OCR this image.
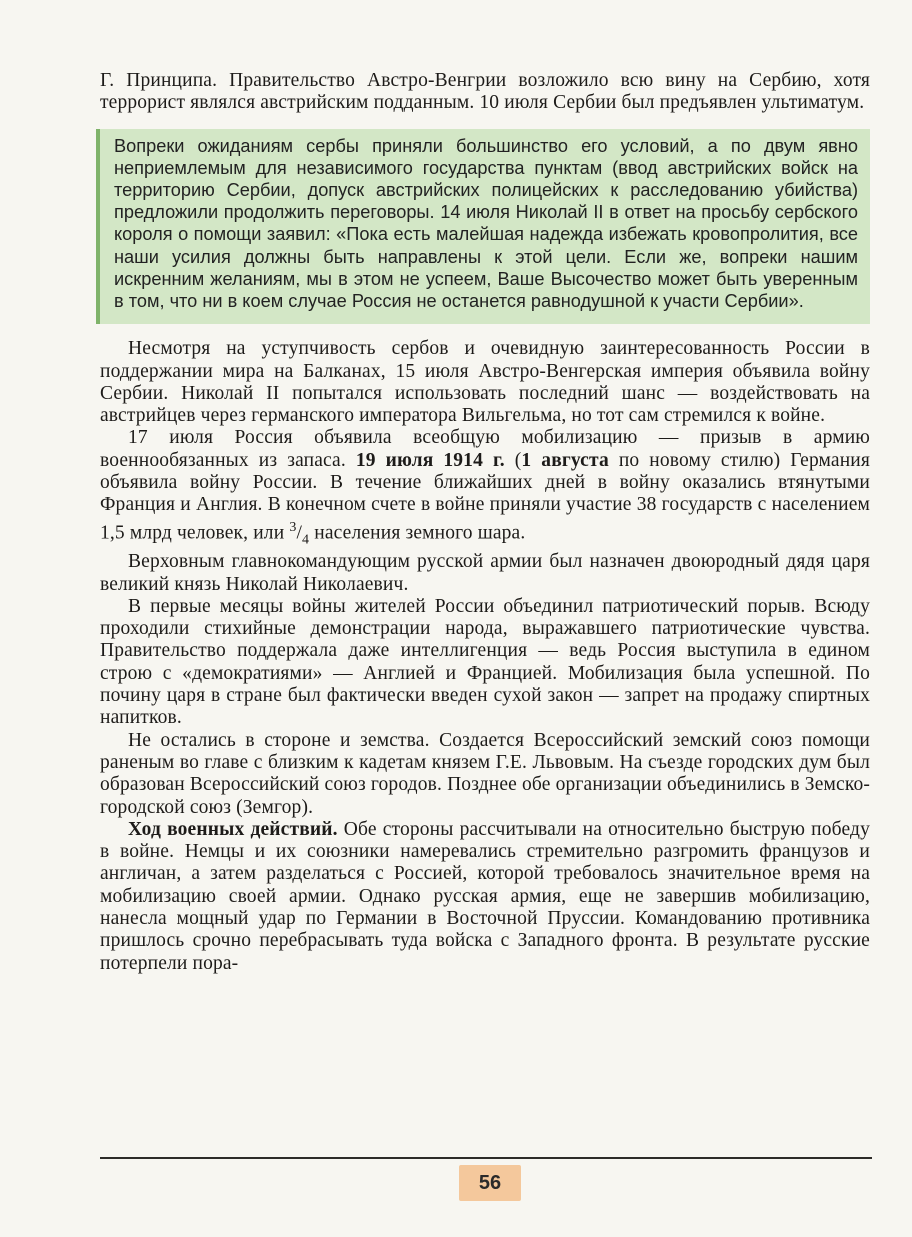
Г. Принципа. Правительство Австро-Венгрии возложило всю вину на Сербию, хотя террорист являлся австрийским подданным. 10 июля Сербии был предъявлен ультиматум.

Вопреки ожиданиям сербы приняли большинство его условий, а по двум явно неприемлемым для независимого государства пунктам (ввод австрийских войск на территорию Сербии, допуск австрийских полицейских к расследованию убийства) предложили продолжить переговоры. 14 июля Николай II в ответ на просьбу сербского короля о помощи заявил: «Пока есть малейшая надежда избежать кровопролития, все наши усилия должны быть направлены к этой цели. Если же, вопреки нашим искренним желаниям, мы в этом не успеем, Ваше Высочество может быть уверенным в том, что ни в коем случае Россия не останется равнодушной к участи Сербии».

Несмотря на уступчивость сербов и очевидную заинтересованность России в поддержании мира на Балканах, 15 июля Австро-Венгерская империя объявила войну Сербии. Николай II попытался использовать последний шанс — воздействовать на австрийцев через германского императора Вильгельма, но тот сам стремился к войне.

17 июля Россия объявила всеобщую мобилизацию — призыв в армию военнообязанных из запаса. 19 июля 1914 г. (1 августа по новому стилю) Германия объявила войну России. В течение ближайших дней в войну оказались втянутыми Франция и Англия. В конечном счете в войне приняли участие 38 государств с населением 1,5 млрд человек, или $^3/_4$ населения земного шара.

Верховным главнокомандующим русской армии был назначен двоюродный дядя царя великий князь Николай Николаевич.

В первые месяцы войны жителей России объединил патриотический порыв. Всюду проходили стихийные демонстрации народа, выражавшего патриотические чувства. Правительство поддержала даже интеллигенция — ведь Россия выступила в едином строю с «демократиями» — Англией и Францией. Мобилизация была успешной. По почину царя в стране был фактически введен сухой закон — запрет на продажу спиртных напитков.

Не остались в стороне и земства. Создается Всероссийский земский союз помощи раненым во главе с близким к кадетам князем Г.Е. Львовым. На съезде городских дум был образован Всероссийский союз городов. Позднее обе организации объединились в Земско-городской союз (Земгор).

Ход военных действий. Обе стороны рассчитывали на относительно быструю победу в войне. Немцы и их союзники намеревались стремительно разгромить французов и англичан, а затем разделаться с Россией, которой требовалось значительное время на мобилизацию своей армии. Однако русская армия, еще не завершив мобилизацию, нанесла мощный удар по Германии в Восточной Пруссии. Командованию противника пришлось срочно перебрасывать туда войска с Западного фронта. В результате русские потерпели пора-

56
